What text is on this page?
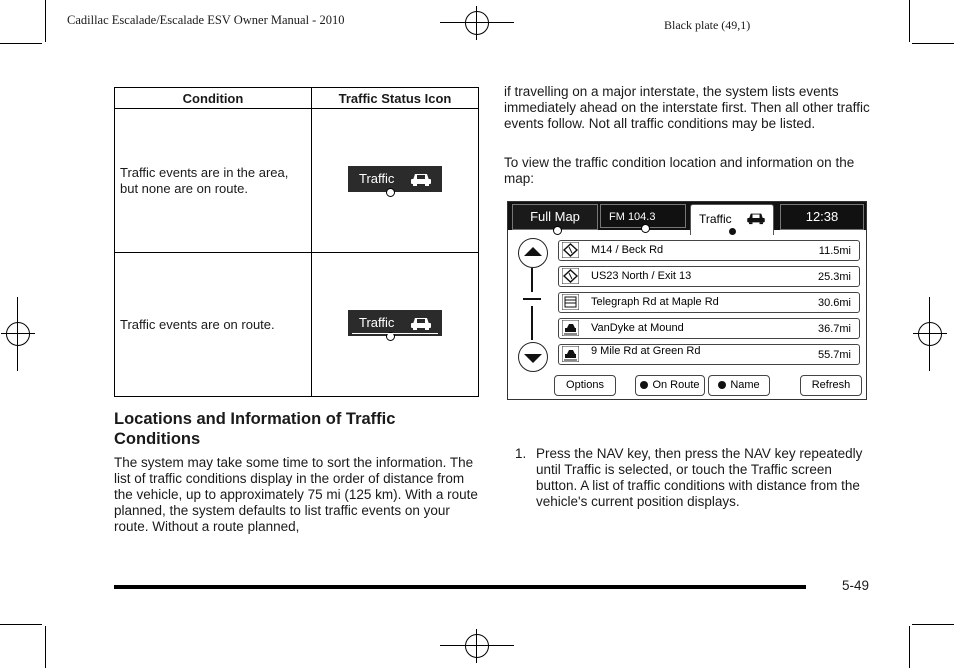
Cadillac Escalade/Escalade ESV Owner Manual - 2010	Black plate (49,1)
Condition	Traffic Status Icon
Traffic events are in the area, but none are on route.	Traffic

Traffic events are on route.	Traffic
Locations and Information of Traffic Conditions
The system may take some time to sort the information. The list of traffic conditions display in the order of distance from the vehicle, up to approximately 75 mi (125 km). With a route planned, the system defaults to list traffic events on your route. Without a route planned,
if travelling on a major interstate, the system lists events immediately ahead on the interstate first. Then all other traffic events follow. Not all traffic conditions may be listed.
To view the traffic condition location and information on the map:
Full Map	FM 104.3	Traffic	12:38
M14 / Beck Rd	11.5mi
US23 North / Exit 13	25.3mi
Telegraph Rd at Maple Rd	30.6mi
VanDyke at Mound	36.7mi
9 Mile Rd at Green Rd	55.7mi
Options	On Route	Name	Refresh
1. Press the NAV key, then press the NAV key repeatedly until Traffic is selected, or touch the Traffic screen button. A list of traffic conditions with distance from the vehicle's current position displays.
5-49
